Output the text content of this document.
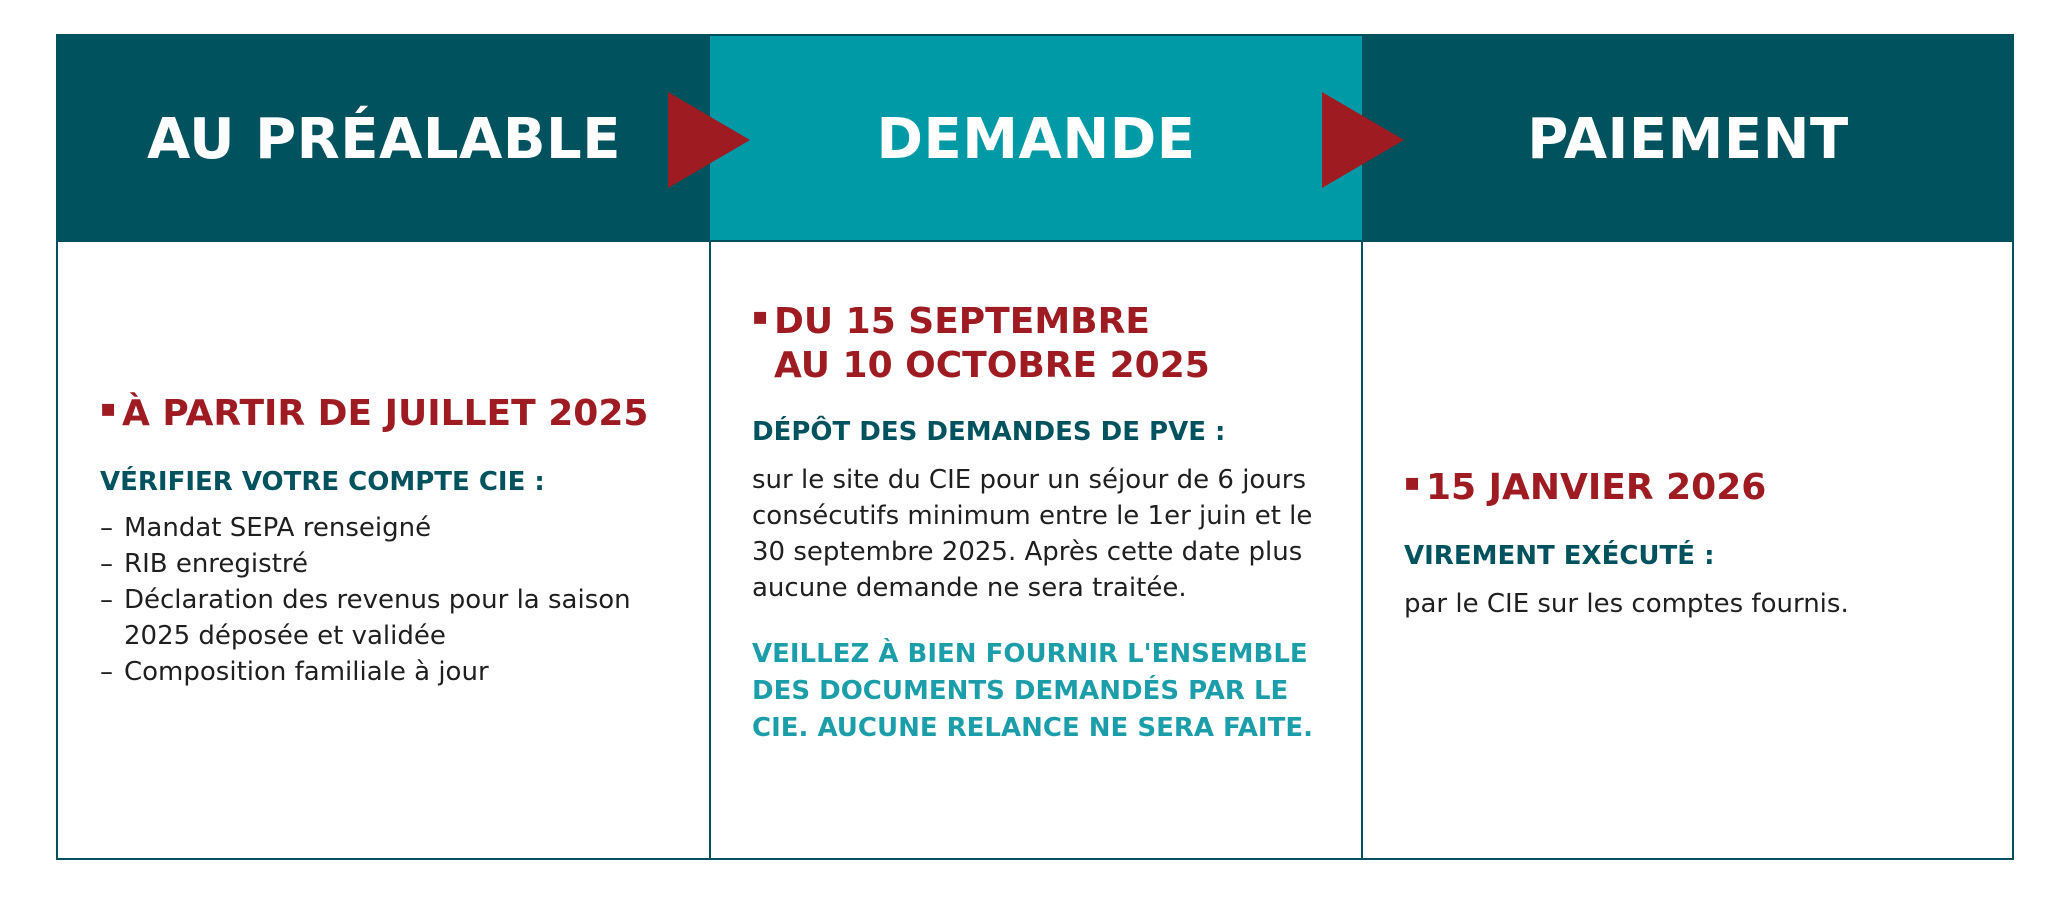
AU PRÉALABLE	DEMANDE	PAIEMENT
▪ À PARTIR DE JUILLET 2025
VÉRIFIER VOTRE COMPTE CIE :
– Mandat SEPA renseigné
– RIB enregistré
– Déclaration des revenus pour la saison 2025 déposée et validée
– Composition familiale à jour
▪ DU 15 SEPTEMBRE
AU 10 OCTOBRE 2025
DÉPÔT DES DEMANDES DE PVE :
sur le site du CIE pour un séjour de 6 jours consécutifs minimum entre le 1er juin et le 30 septembre 2025. Après cette date plus aucune demande ne sera traitée.
VEILLEZ À BIEN FOURNIR L'ENSEMBLE DES DOCUMENTS DEMANDÉS PAR LE CIE. AUCUNE RELANCE NE SERA FAITE.
▪ 15 JANVIER 2026
VIREMENT EXÉCUTÉ :
par le CIE sur les comptes fournis.
